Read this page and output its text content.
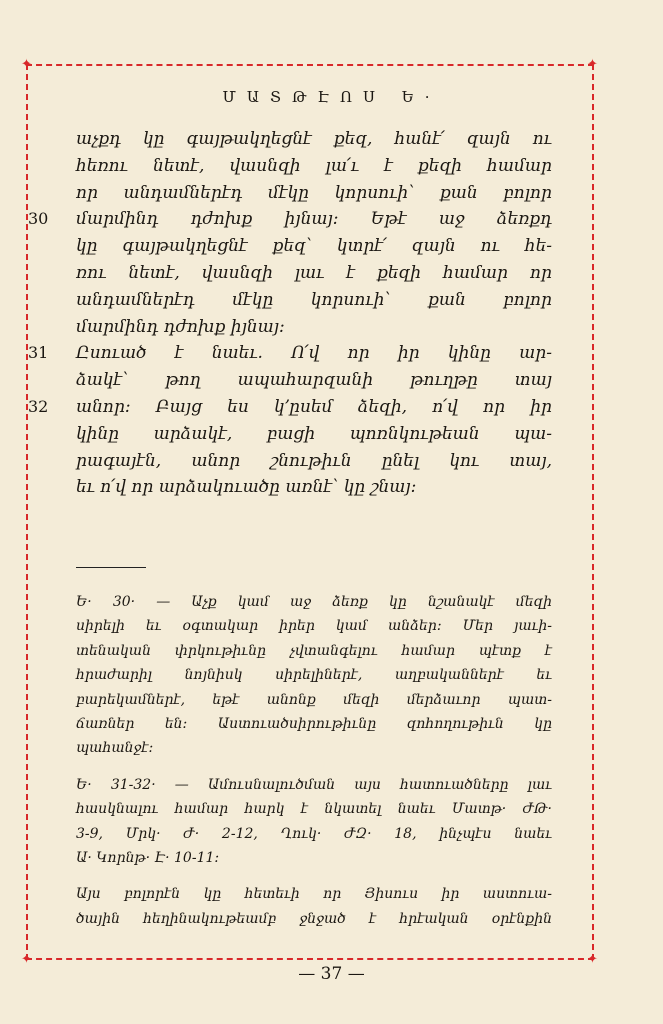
✦	✦
✦	✦
ՄԱՏԹԷՈՍ Ե·
աչքդ կը գայթակղեցնէ քեզ, հանէ՛ զայն ու
հեռու նետէ, վասնզի լա՛ւ է քեզի համար
որ անդամներէդ մէկը կորսուի՝ քան բոլոր
30 մարմինդ դժոխք իյնայ։ Եթէ աջ ձեռքդ
կը գայթակղեցնէ քեզ՝ կտրէ՛ զայն ու հե-
ռու նետէ, վասնզի լաւ է քեզի համար որ
անդամներէդ մէկը կորսուի՝ քան բոլոր
մարմինդ դժոխք իյնայ։
31 Ըսուած է նաեւ. Ո՛վ որ իր կինը ար-
ձակէ՝ թող ապահարզանի թուղթը տայ
32 անոր։ Բայց ես կ՚ըսեմ ձեզի, ո՛վ որ իր
կինը արձակէ, բացի պոռնկութեան պա-
րագայէն, անոր շնութիւն ընել կու տայ,
եւ ո՛վ որ արձակուածը առնէ՝ կը շնայ։
Ե· 30· — Աչք կամ աջ ձեռք կը նշանակէ մեզի
սիրելի եւ օգտակար իրեր կամ անձեր։ Մեր յաւի-
տենական փրկութիւնը չվտանգելու համար պէտք է
հրաժարիլ նոյնիսկ սիրելիներէ, աղբականներէ եւ
բարեկամներէ, եթէ անոնք մեզի մերձաւոր պատ-
ճառներ են։ Աստուածսիրութիւնը զոհողութիւն կը
պահանջէ։
Ե· 31-32· — Ամուսնալուծման այս հատուածները լաւ
հասկնալու համար հարկ է նկատել նաեւ Մատթ· ԺԹ·
3-9, Մրկ· Ժ· 2-12, Ղուկ· ԺԶ· 18, ինչպէս նաեւ
Ա· Կորնթ· Է· 10-11։
Այս բոլորէն կը հետեւի որ Յիսուս իր աստուա-
ծային հեղինակութեամբ ջնջած է հրէական օրէնքին
— 37 —
